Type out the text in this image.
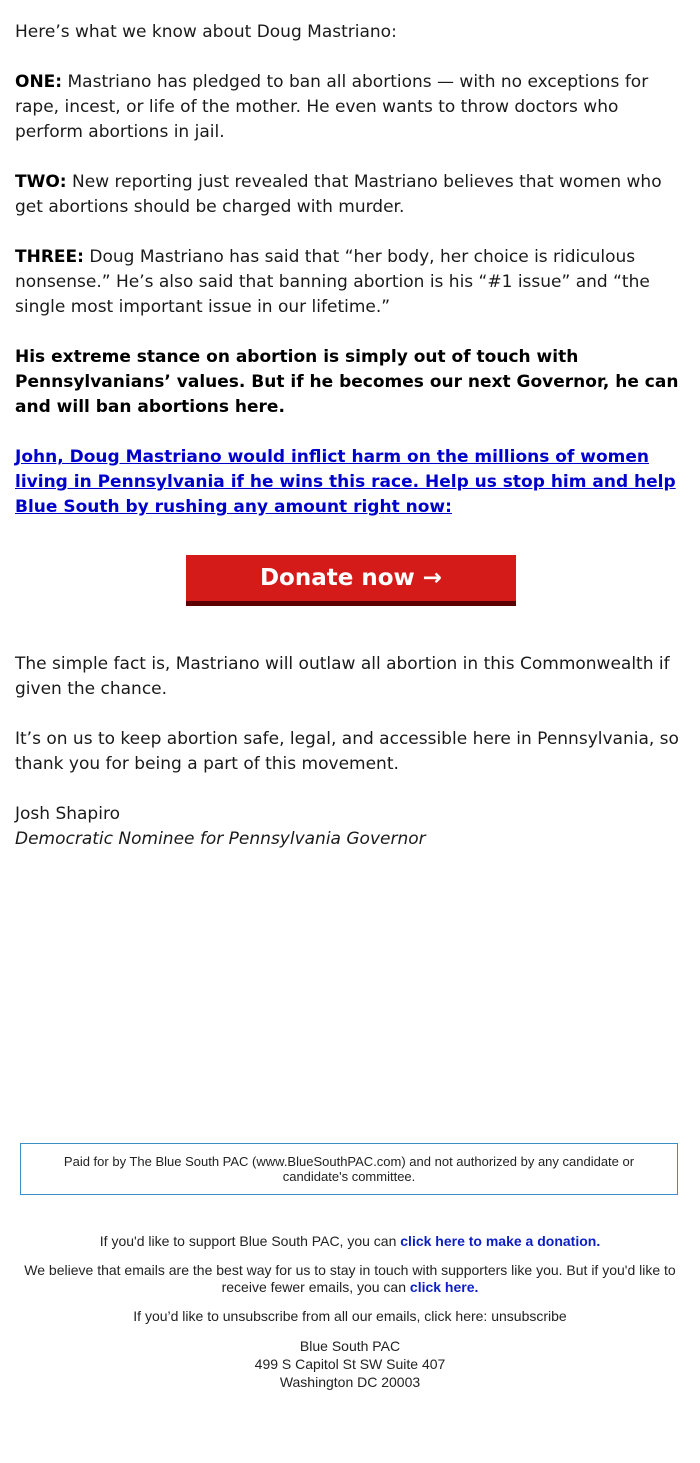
Here’s what we know about Doug Mastriano:

ONE: Mastriano has pledged to ban all abortions — with no exceptions for rape, incest, or life of the mother. He even wants to throw doctors who perform abortions in jail.

TWO: New reporting just revealed that Mastriano believes that women who get abortions should be charged with murder.

THREE: Doug Mastriano has said that “her body, her choice is ridiculous nonsense.” He’s also said that banning abortion is his “#1 issue” and “the single most important issue in our lifetime.”

His extreme stance on abortion is simply out of touch with Pennsylvanians’ values. But if he becomes our next Governor, he can and will ban abortions here.

John, Doug Mastriano would inflict harm on the millions of women living in Pennsylvania if he wins this race. Help us stop him and help Blue South by rushing any amount right now:

Donate now →

The simple fact is, Mastriano will outlaw all abortion in this Commonwealth if given the chance.

It’s on us to keep abortion safe, legal, and accessible here in Pennsylvania, so thank you for being a part of this movement.

Josh Shapiro

Democratic Nominee for Pennsylvania Governor

Paid for by The Blue South PAC (www.BlueSouthPAC.com) and not authorized by any candidate or candidate's committee.

If you'd like to support Blue South PAC, you can click here to make a donation.

We believe that emails are the best way for us to stay in touch with supporters like you. But if you'd like to receive fewer emails, you can click here.

If you’d like to unsubscribe from all our emails, click here: unsubscribe

Blue South PAC

499 S Capitol St SW Suite 407

Washington DC 20003
